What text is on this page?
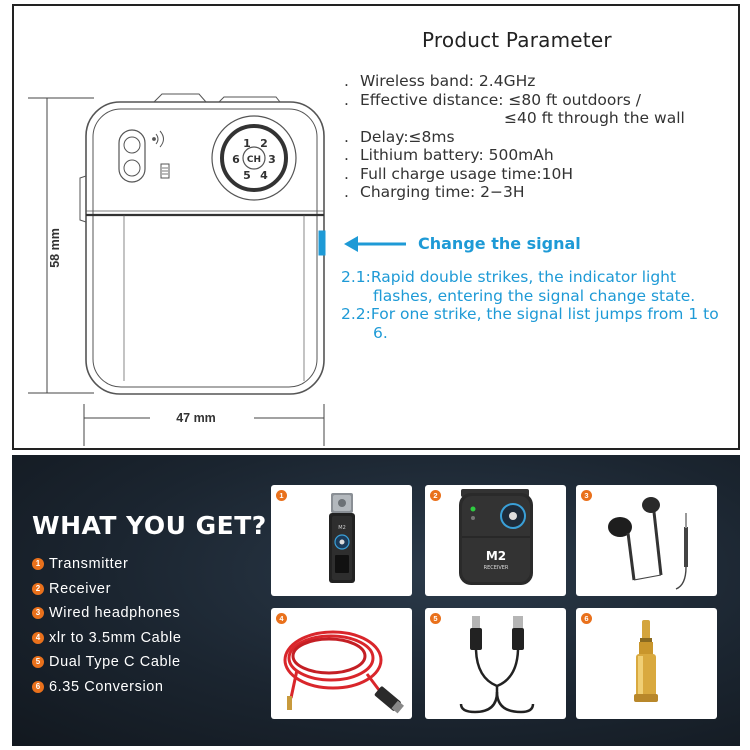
1 2
3
4
5
6 CH
58 mm
47 mm
Product Parameter
. Wireless band: 2.4GHz
. Effective distance: ≤80 ft outdoors /
≤40 ft through the wall
. Delay:≤8ms
. Lithium battery: 500mAh
. Full charge usage time:10H
. Charging time: 2−3H
Change the signal

2.1:Rapid double strikes, the indicator light flashes, entering the signal change state.

2.2:For one strike, the signal list jumps from 1 to 6.

WHAT YOU GET?
1 Transmitter
2 Receiver
3 Wired headphones
4 xlr to 3.5mm Cable
5 Dual Type C Cable
6 6.35 Conversion
M2
1
M2
RECEIVER
2	3
4	5	6
